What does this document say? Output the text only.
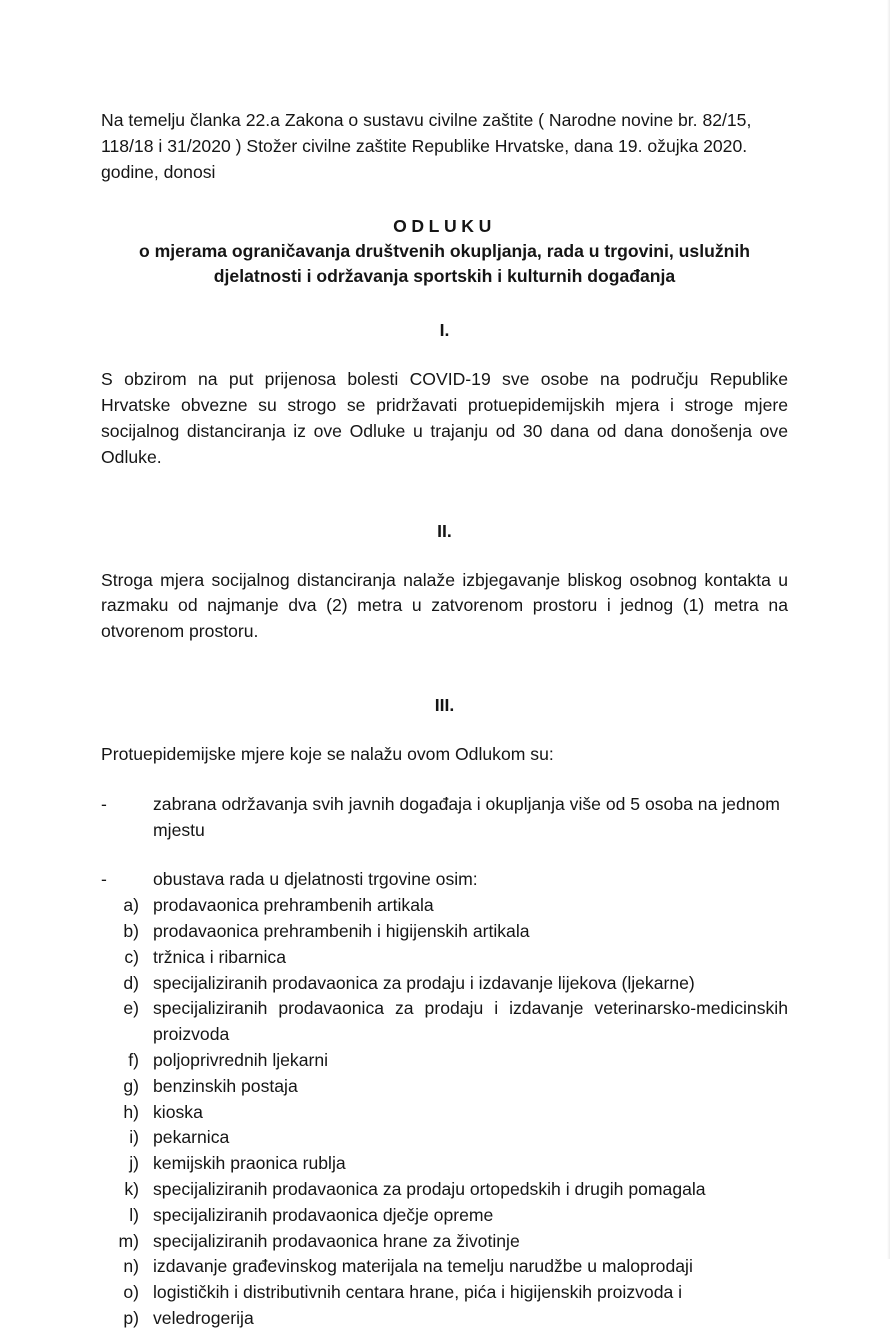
Na temelju članka 22.a Zakona o sustavu civilne zaštite ( Narodne novine br. 82/15, 118/18 i 31/2020 ) Stožer civilne zaštite Republike Hrvatske, dana 19. ožujka 2020. godine, donosi

ODLUKU

o mjerama ograničavanja društvenih okupljanja, rada u trgovini, uslužnih djelatnosti i održavanja sportskih i kulturnih događanja

I.

S obzirom na put prijenosa bolesti COVID-19 sve osobe na području Republike Hrvatske obvezne su strogo se pridržavati protuepidemijskih mjera i stroge mjere socijalnog distanciranja iz ove Odluke u trajanju od 30 dana od dana donošenja ove Odluke.

II.

Stroga mjera socijalnog distanciranja nalaže izbjegavanje bliskog osobnog kontakta u razmaku od najmanje dva (2) metra u zatvorenom prostoru i jednog (1) metra na otvorenom prostoru.

III.

Protuepidemijske mjere koje se nalažu ovom Odlukom su:

-	zabrana održavanja svih javnih događaja i okupljanja više od 5 osoba na jednom mjestu

-	obustava rada u djelatnosti trgovine osim:

a) prodavaonica prehrambenih artikala
b) prodavaonica prehrambenih i higijenskih artikala
c) tržnica i ribarnica
d) specijaliziranih prodavaonica za prodaju i izdavanje lijekova (ljekarne)
e) specijaliziranih prodavaonica za prodaju i izdavanje veterinarsko-medicinskih proizvoda
f) poljoprivrednih ljekarni
g) benzinskih postaja
h) kioska
i) pekarnica
j) kemijskih praonica rublja
k) specijaliziranih prodavaonica za prodaju ortopedskih i drugih pomagala
l) specijaliziranih prodavaonica dječje opreme
m) specijaliziranih prodavaonica hrane za životinje
n) izdavanje građevinskog materijala na temelju narudžbe u maloprodaji
o) logističkih i distributivnih centara hrane, pića i higijenskih proizvoda i
p) veledrogerija
